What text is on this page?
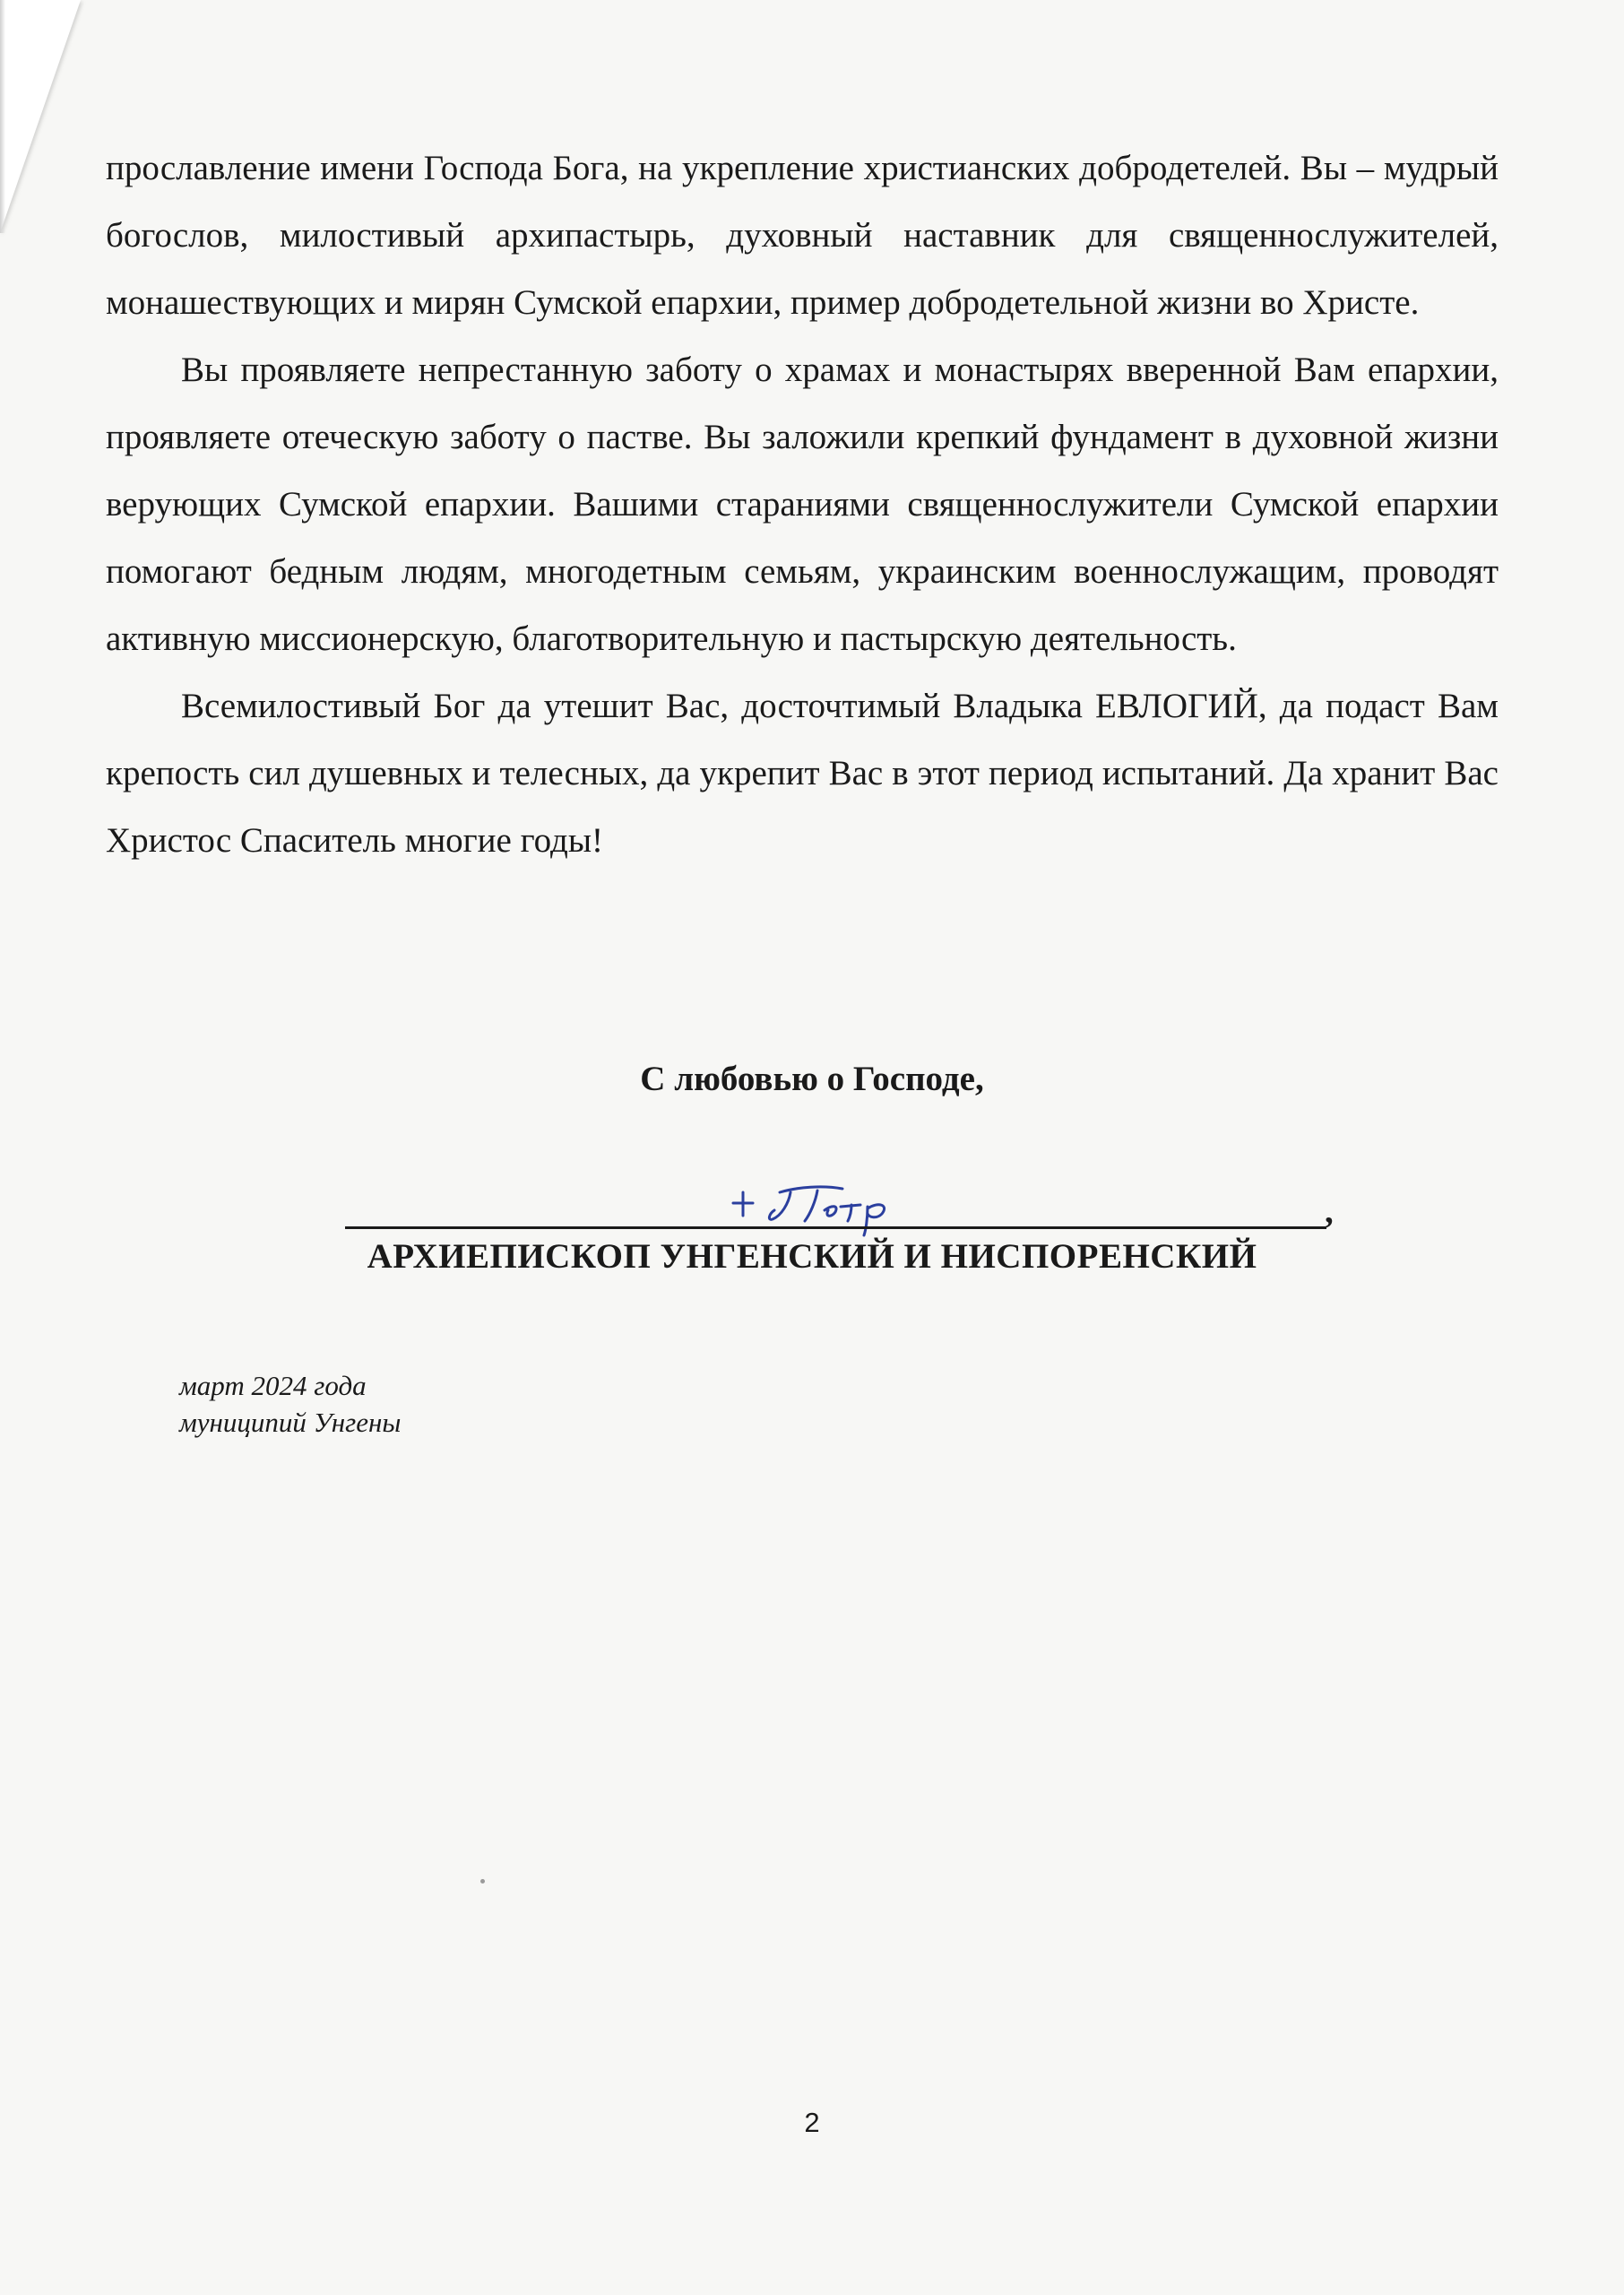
прославление имени Господа Бога, на укрепление христианских добродетелей. Вы – мудрый богослов, милостивый архипастырь, духовный наставник для священнослужителей, монашествующих и мирян Сумской епархии, пример добродетельной жизни во Христе.

Вы проявляете непрестанную заботу о храмах и монастырях вверенной Вам епархии, проявляете отеческую заботу о пастве. Вы заложили крепкий фундамент в духовной жизни верующих Сумской епархии. Вашими стараниями священнослужители Сумской епархии помогают бедным людям, многодетным семьям, украинским военнослужащим, проводят активную миссионерскую, благотворительную и пастырскую деятельность.

Всемилостивый Бог да утешит Вас, досточтимый Владыка ЕВЛОГИЙ, да подаст Вам крепость сил душевных и телесных, да укрепит Вас в этот период испытаний. Да хранит Вас Христос Спаситель многие годы!

С любовью о Господе,
,
АРХИЕПИСКОП УНГЕНСКИЙ И НИСПОРЕНСКИЙ
март 2024 года
муниципий Унгены
2
